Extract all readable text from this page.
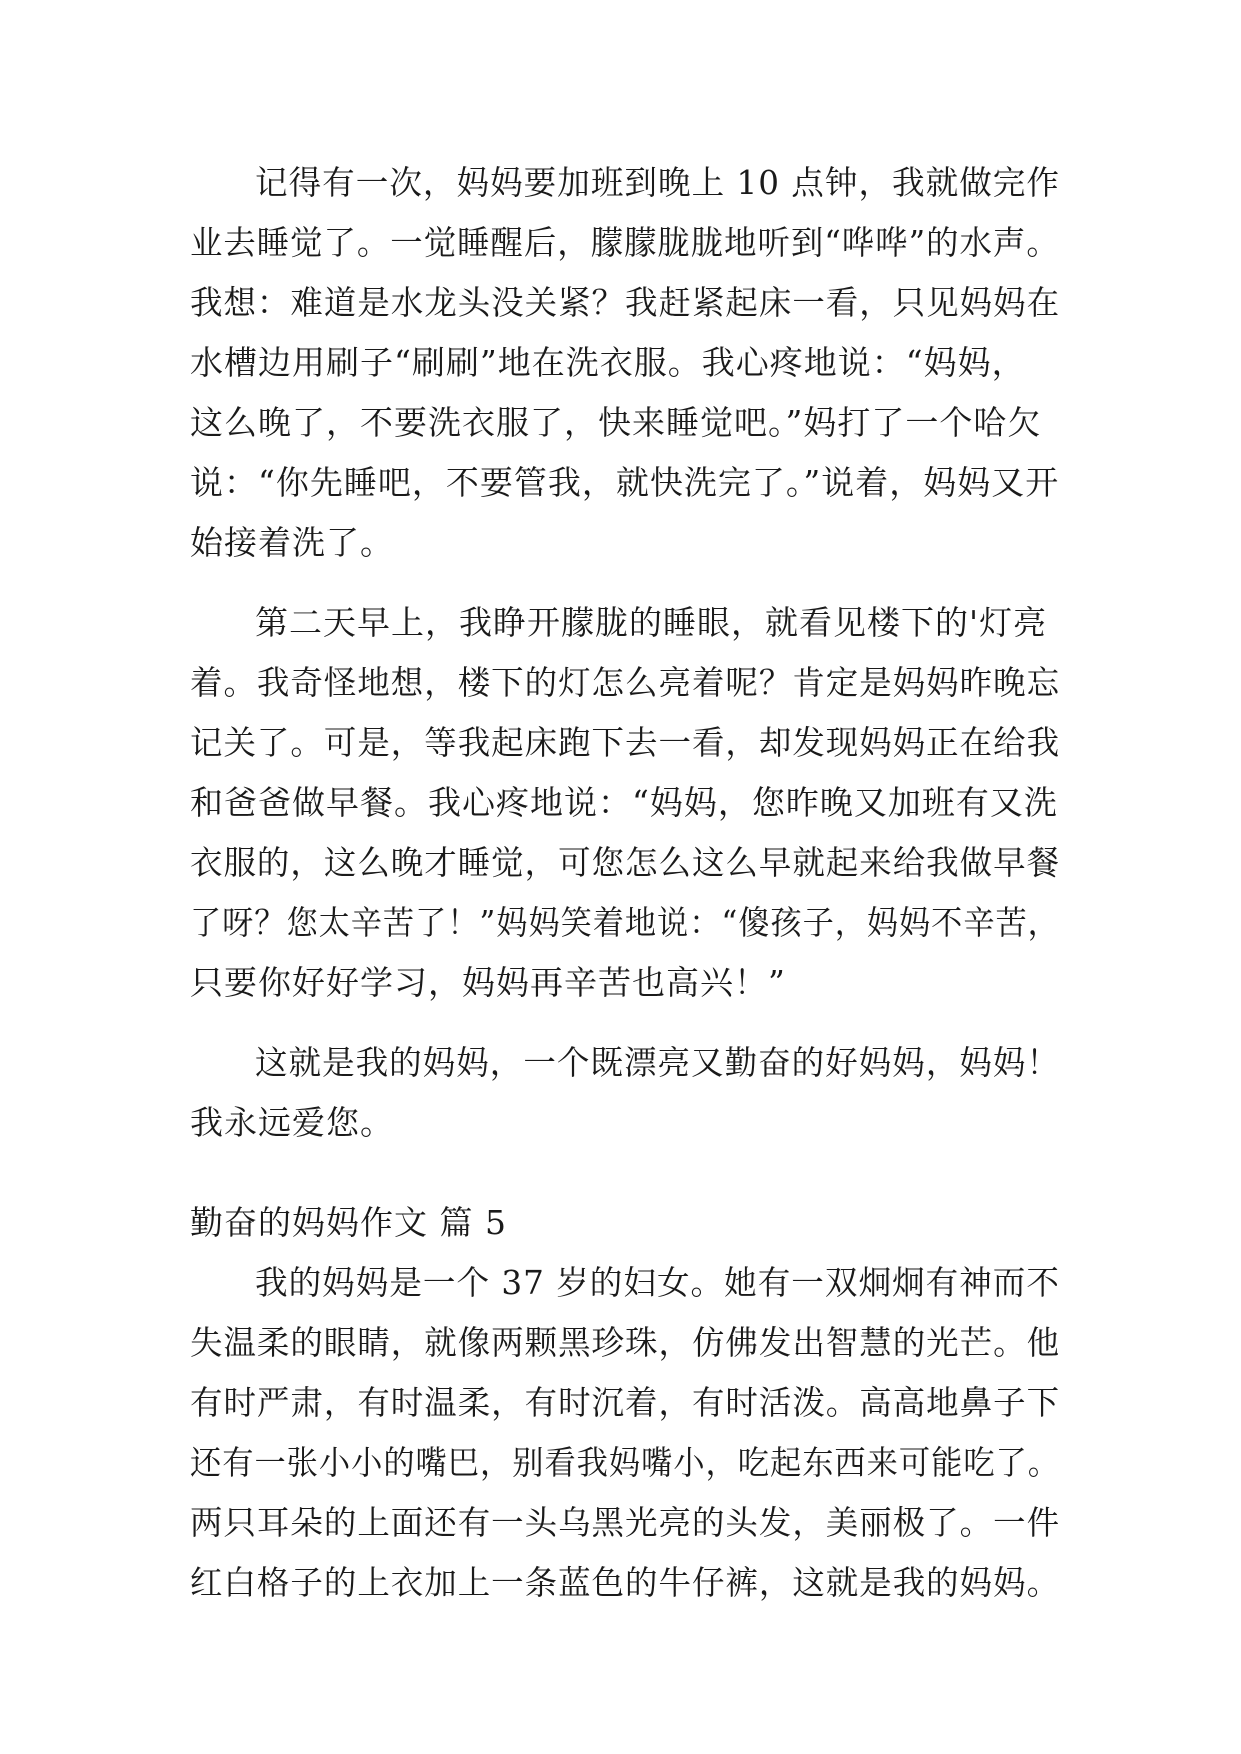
记得有一次，妈妈要加班到晚上 10 点钟，我就做完作
业去睡觉了。一觉睡醒后，朦朦胧胧地听到“哗哗”的水声。
我想：难道是水龙头没关紧？我赶紧起床一看，只见妈妈在
水槽边用刷子“刷刷”地在洗衣服。我心疼地说：“妈妈，
这么晚了，不要洗衣服了，快来睡觉吧。”妈打了一个哈欠
说：“你先睡吧，不要管我，就快洗完了。”说着，妈妈又开
始接着洗了。
第二天早上，我睁开朦胧的睡眼，就看见楼下的'灯亮
着。我奇怪地想，楼下的灯怎么亮着呢？肯定是妈妈昨晚忘
记关了。可是，等我起床跑下去一看，却发现妈妈正在给我
和爸爸做早餐。我心疼地说：“妈妈，您昨晚又加班有又洗
衣服的，这么晚才睡觉，可您怎么这么早就起来给我做早餐
了呀？您太辛苦了！”妈妈笑着地说：“傻孩子，妈妈不辛苦，
只要你好好学习，妈妈再辛苦也高兴！”
这就是我的妈妈，一个既漂亮又勤奋的好妈妈，妈妈！
我永远爱您。
勤奋的妈妈作文 篇 5
我的妈妈是一个 37 岁的妇女。她有一双炯炯有神而不
失温柔的眼睛，就像两颗黑珍珠，仿佛发出智慧的光芒。他
有时严肃，有时温柔，有时沉着，有时活泼。高高地鼻子下
还有一张小小的嘴巴，别看我妈嘴小，吃起东西来可能吃了。
两只耳朵的上面还有一头乌黑光亮的头发，美丽极了。一件
红白格子的上衣加上一条蓝色的牛仔裤，这就是我的妈妈。
